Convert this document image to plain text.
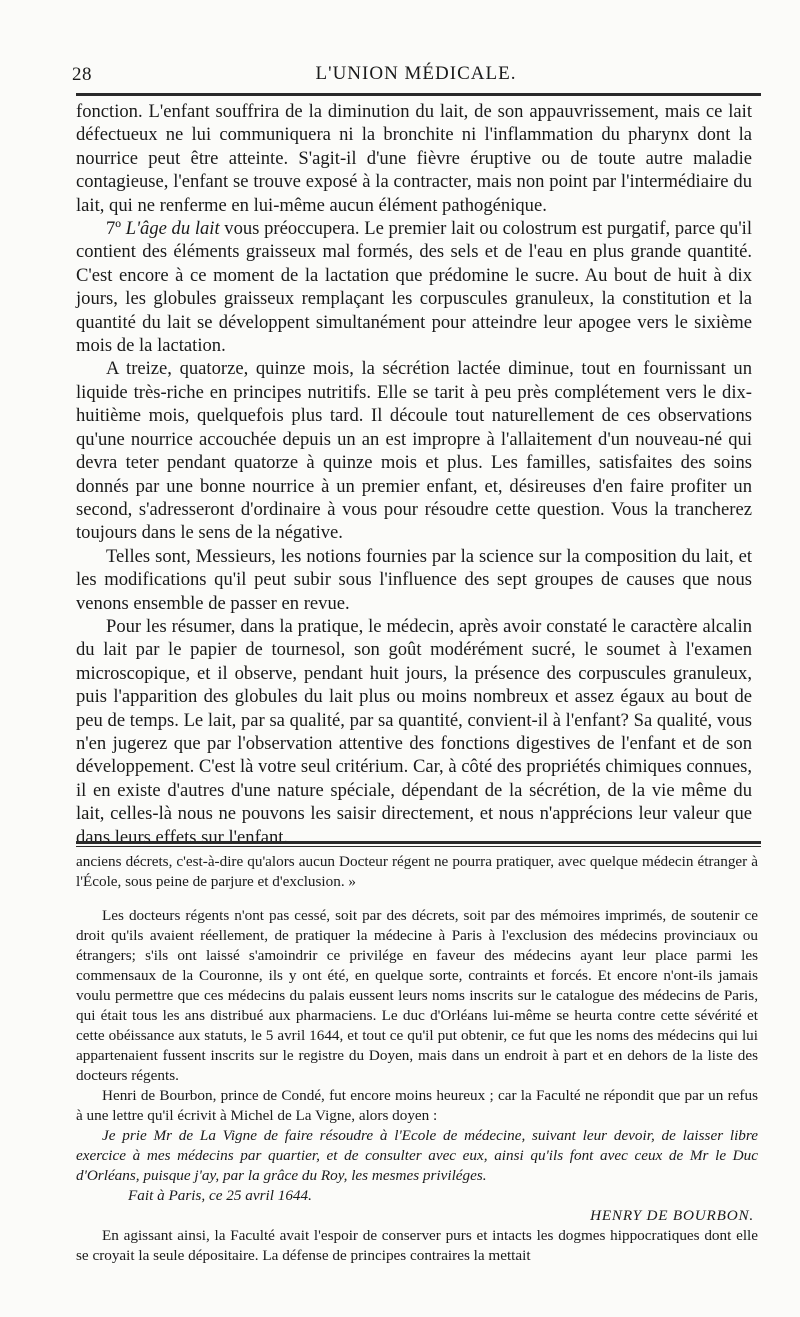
28	L'UNION MÉDICALE.

fonction. L'enfant souffrira de la diminution du lait, de son appauvrissement, mais ce lait défectueux ne lui communiquera ni la bronchite ni l'inflammation du pharynx dont la nourrice peut être atteinte. S'agit-il d'une fièvre éruptive ou de toute autre maladie contagieuse, l'enfant se trouve exposé à la contracter, mais non point par l'intermédiaire du lait, qui ne renferme en lui-même aucun élément pathogénique.

7º L'âge du lait vous préoccupera. Le premier lait ou colostrum est purgatif, parce qu'il contient des éléments graisseux mal formés, des sels et de l'eau en plus grande quantité. C'est encore à ce moment de la lactation que prédomine le sucre. Au bout de huit à dix jours, les globules graisseux remplaçant les corpuscules granuleux, la constitution et la quantité du lait se développent simultanément pour atteindre leur apogee vers le sixième mois de la lactation.

A treize, quatorze, quinze mois, la sécrétion lactée diminue, tout en fournissant un liquide très-riche en principes nutritifs. Elle se tarit à peu près complétement vers le dix-huitième mois, quelquefois plus tard. Il découle tout naturellement de ces observations qu'une nourrice accouchée depuis un an est impropre à l'allaitement d'un nouveau-né qui devra teter pendant quatorze à quinze mois et plus. Les familles, satisfaites des soins donnés par une bonne nourrice à un premier enfant, et, désireuses d'en faire profiter un second, s'adresseront d'ordinaire à vous pour résoudre cette question. Vous la trancherez toujours dans le sens de la négative.

Telles sont, Messieurs, les notions fournies par la science sur la composition du lait, et les modifications qu'il peut subir sous l'influence des sept groupes de causes que nous venons ensemble de passer en revue.

Pour les résumer, dans la pratique, le médecin, après avoir constaté le caractère alcalin du lait par le papier de tournesol, son goût modérément sucré, le soumet à l'examen microscopique, et il observe, pendant huit jours, la présence des corpuscules granuleux, puis l'apparition des globules du lait plus ou moins nombreux et assez égaux au bout de peu de temps. Le lait, par sa qualité, par sa quantité, convient-il à l'enfant? Sa qualité, vous n'en jugerez que par l'observation attentive des fonctions digestives de l'enfant et de son développement. C'est là votre seul critérium. Car, à côté des propriétés chimiques connues, il en existe d'autres d'une nature spéciale, dépendant de la sécrétion, de la vie même du lait, celles-là nous ne pouvons les saisir directement, et nous n'apprécions leur valeur que dans leurs effets sur l'enfant.

anciens décrets, c'est-à-dire qu'alors aucun Docteur régent ne pourra pratiquer, avec quelque médecin étranger à l'École, sous peine de parjure et d'exclusion. »

Les docteurs régents n'ont pas cessé, soit par des décrets, soit par des mémoires imprimés, de soutenir ce droit qu'ils avaient réellement, de pratiquer la médecine à Paris à l'exclusion des médecins provinciaux ou étrangers; s'ils ont laissé s'amoindrir ce privilége en faveur des médecins ayant leur place parmi les commensaux de la Couronne, ils y ont été, en quelque sorte, contraints et forcés. Et encore n'ont-ils jamais voulu permettre que ces médecins du palais eussent leurs noms inscrits sur le catalogue des médecins de Paris, qui était tous les ans distribué aux pharmaciens. Le duc d'Orléans lui-même se heurta contre cette sévérité et cette obéissance aux statuts, le 5 avril 1644, et tout ce qu'il put obtenir, ce fut que les noms des médecins qui lui appartenaient fussent inscrits sur le registre du Doyen, mais dans un endroit à part et en dehors de la liste des docteurs régents.

Henri de Bourbon, prince de Condé, fut encore moins heureux ; car la Faculté ne répondit que par un refus à une lettre qu'il écrivit à Michel de La Vigne, alors doyen :

Je prie Mr de La Vigne de faire résoudre à l'Ecole de médecine, suivant leur devoir, de laisser libre exercice à mes médecins par quartier, et de consulter avec eux, ainsi qu'ils font avec ceux de Mr le Duc d'Orléans, puisque j'ay, par la grâce du Roy, les mesmes priviléges.

Fait à Paris, ce 25 avril 1644.

HENRY DE BOURBON.

En agissant ainsi, la Faculté avait l'espoir de conserver purs et intacts les dogmes hippocratiques dont elle se croyait la seule dépositaire. La défense de principes contraires la mettait
